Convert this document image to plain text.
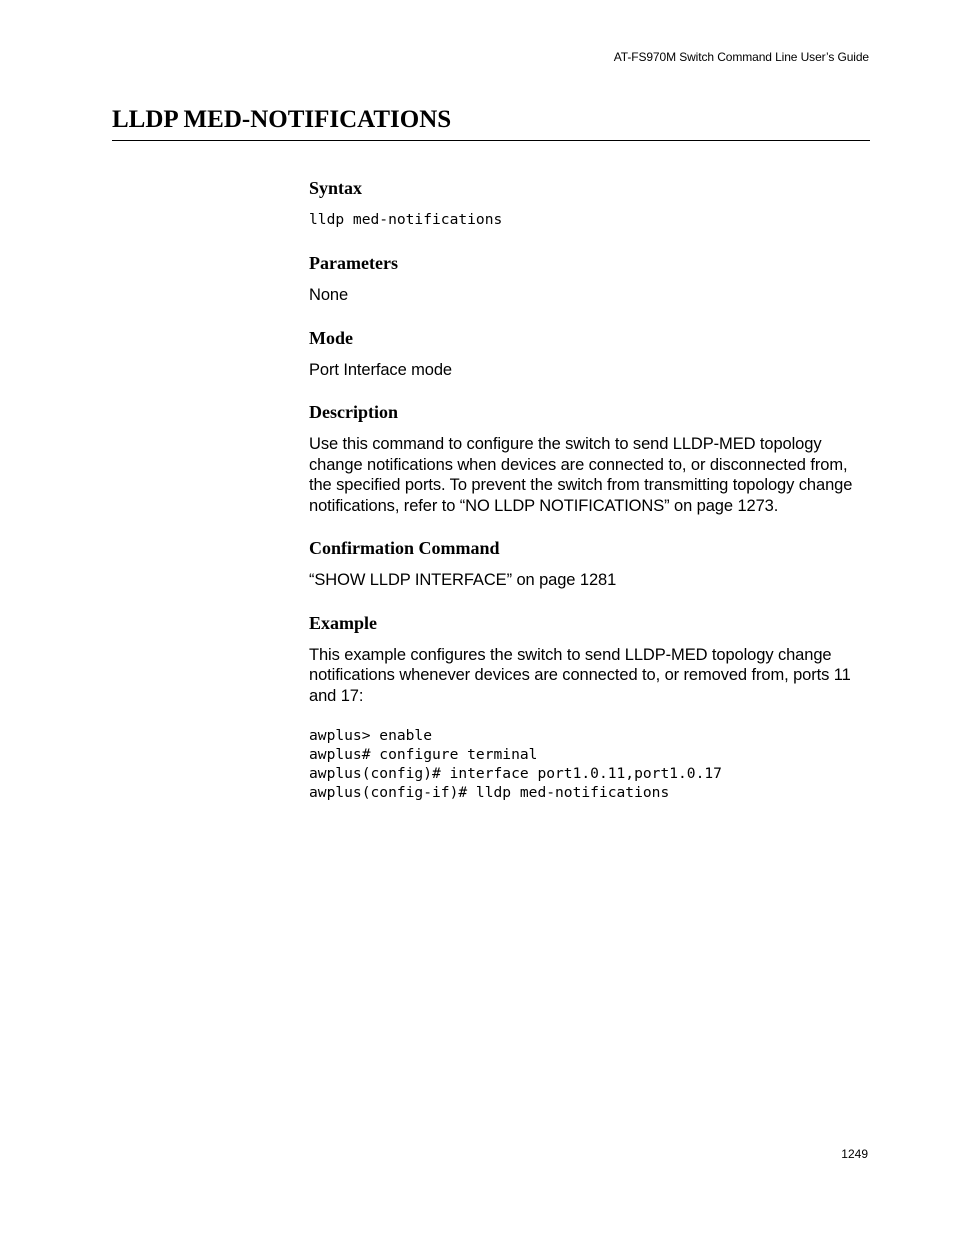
AT-FS970M Switch Command Line User’s Guide
LLDP MED-NOTIFICATIONS
Syntax
lldp med-notifications
Parameters

None

Mode

Port Interface mode

Description

Use this command to configure the switch to send LLDP-MED topology change notifications when devices are connected to, or disconnected from, the specified ports. To prevent the switch from transmitting topology change notifications, refer to “NO LLDP NOTIFICATIONS” on page 1273.

Confirmation Command

“SHOW LLDP INTERFACE” on page 1281

Example

This example configures the switch to send LLDP-MED topology change notifications whenever devices are connected to, or removed from, ports 11 and 17:

awplus> enable
awplus# configure terminal
awplus(config)# interface port1.0.11,port1.0.17
awplus(config-if)# lldp med-notifications
1249
